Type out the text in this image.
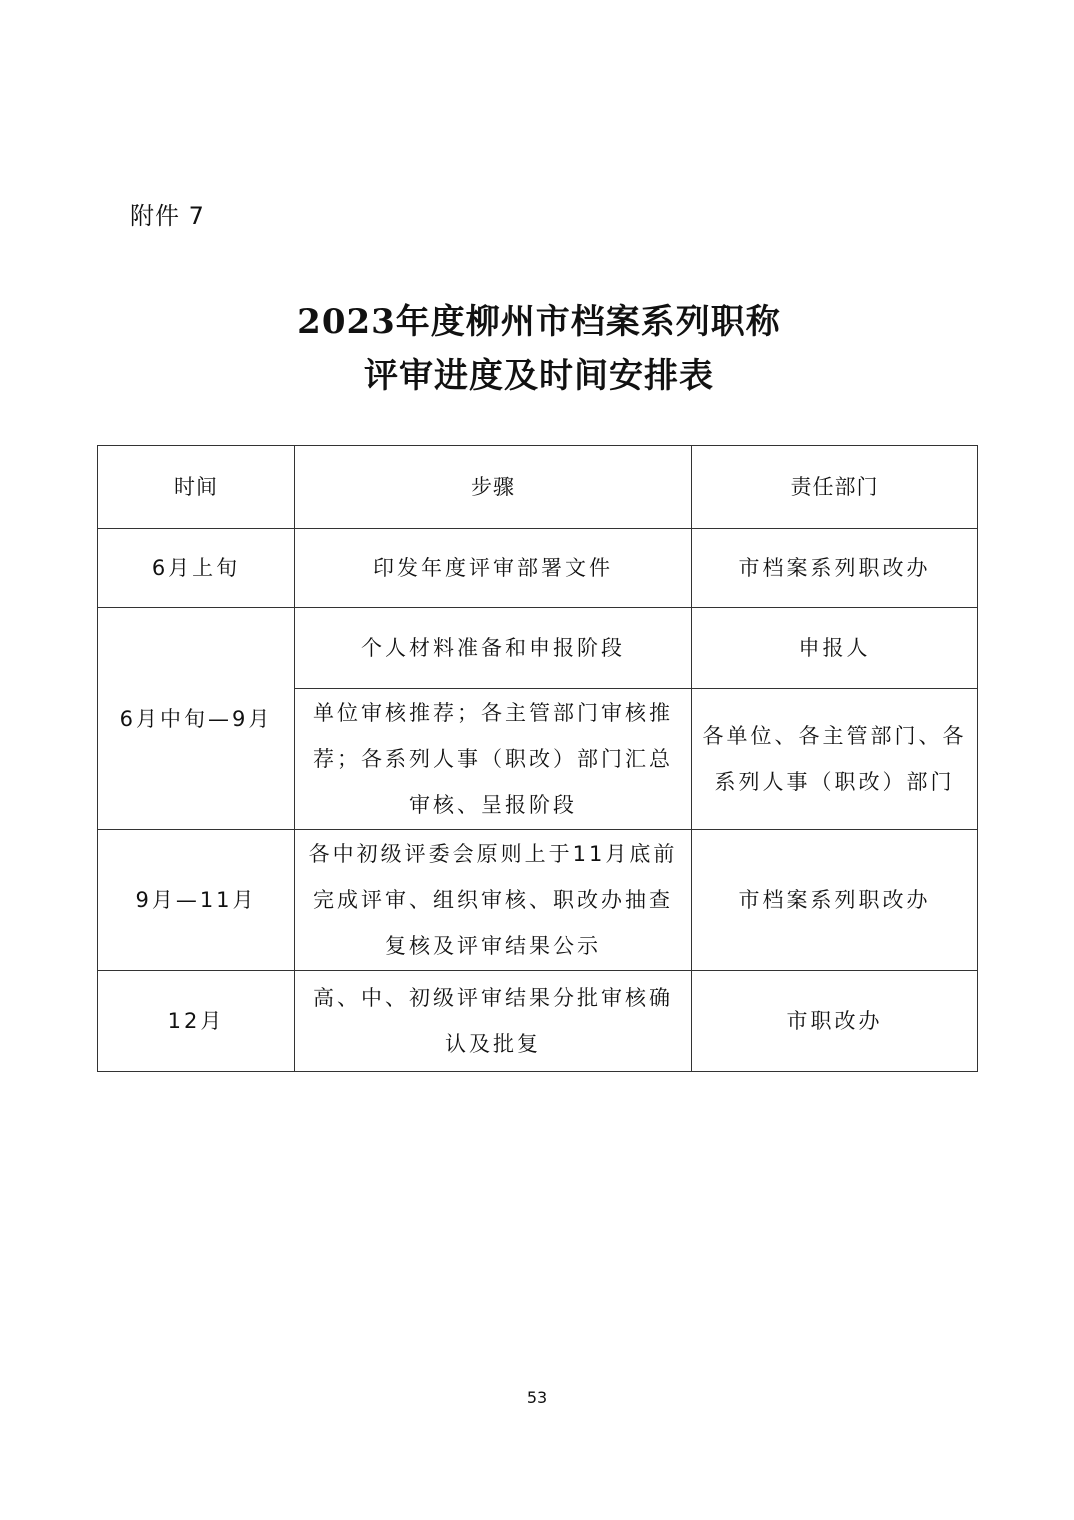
附件 7
2023年度柳州市档案系列职称
评审进度及时间安排表
时间	步骤	责任部门
6月上旬	印发年度评审部署文件	市档案系列职改办
6月中旬—9月	个人材料准备和申报阶段	申报人
	单位审核推荐；各主管部门审核推荐；各系列人事（职改）部门汇总审核、呈报阶段	各单位、各主管部门、各系列人事（职改）部门
9月—11月	各中初级评委会原则上于11月底前完成评审、组织审核、职改办抽查复核及评审结果公示	市档案系列职改办
12月	高、中、初级评审结果分批审核确认及批复	市职改办
53
